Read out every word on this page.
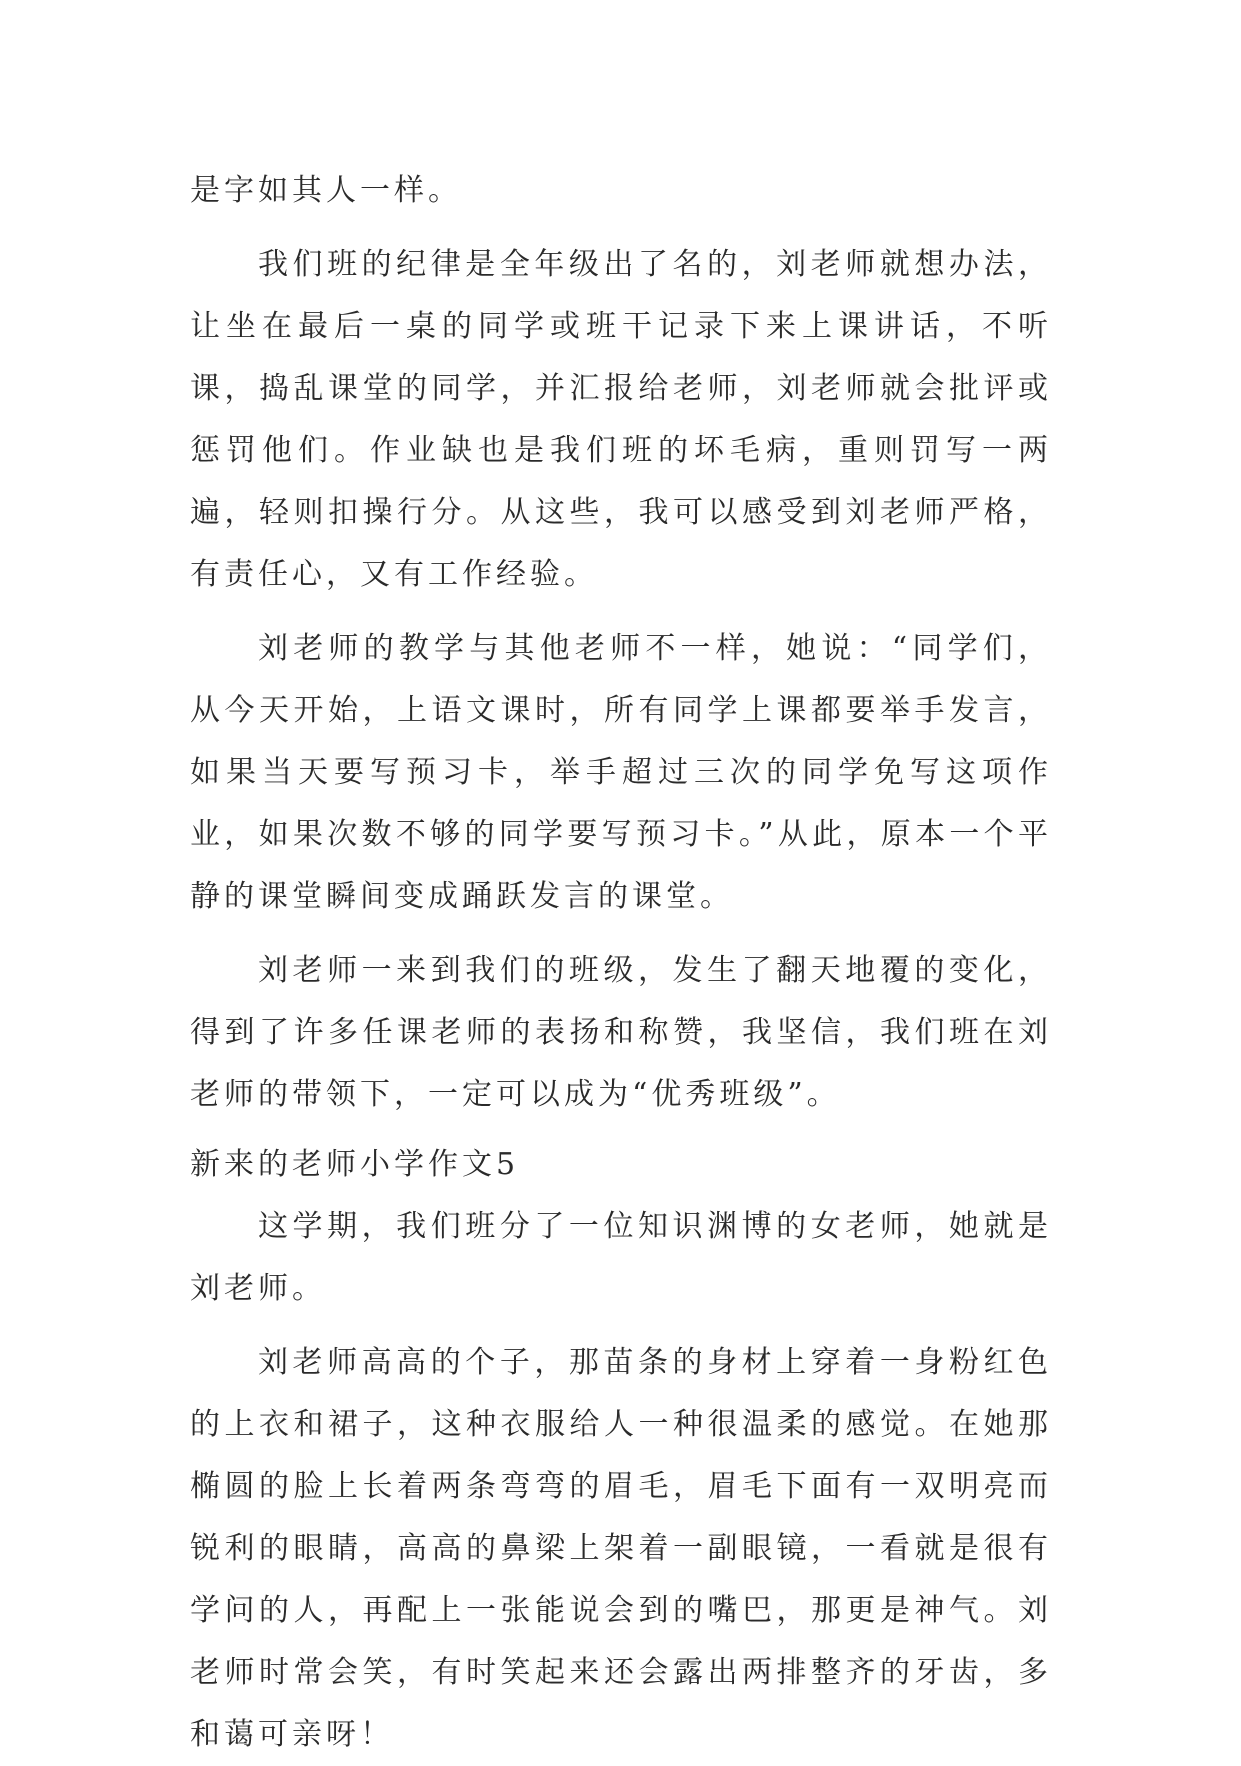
是字如其人一样。

我们班的纪律是全年级出了名的，刘老师就想办法，让坐在最后一桌的同学或班干记录下来上课讲话，不听课，捣乱课堂的同学，并汇报给老师，刘老师就会批评或惩罚他们。作业缺也是我们班的坏毛病，重则罚写一两遍，轻则扣操行分。从这些，我可以感受到刘老师严格，有责任心，又有工作经验。

刘老师的教学与其他老师不一样，她说：“同学们，从今天开始，上语文课时，所有同学上课都要举手发言，如果当天要写预习卡，举手超过三次的同学免写这项作业，如果次数不够的同学要写预习卡。”从此，原本一个平静的课堂瞬间变成踊跃发言的课堂。

刘老师一来到我们的班级，发生了翻天地覆的变化，得到了许多任课老师的表扬和称赞，我坚信，我们班在刘老师的带领下，一定可以成为“优秀班级”。

新来的老师小学作文5

这学期，我们班分了一位知识渊博的女老师，她就是刘老师。

刘老师高高的个子，那苗条的身材上穿着一身粉红色的上衣和裙子，这种衣服给人一种很温柔的感觉。在她那椭圆的脸上长着两条弯弯的眉毛，眉毛下面有一双明亮而锐利的眼睛，高高的鼻梁上架着一副眼镜，一看就是很有学问的人，再配上一张能说会到的嘴巴，那更是神气。刘老师时常会笑，有时笑起来还会露出两排整齐的牙齿，多和蔼可亲呀！
